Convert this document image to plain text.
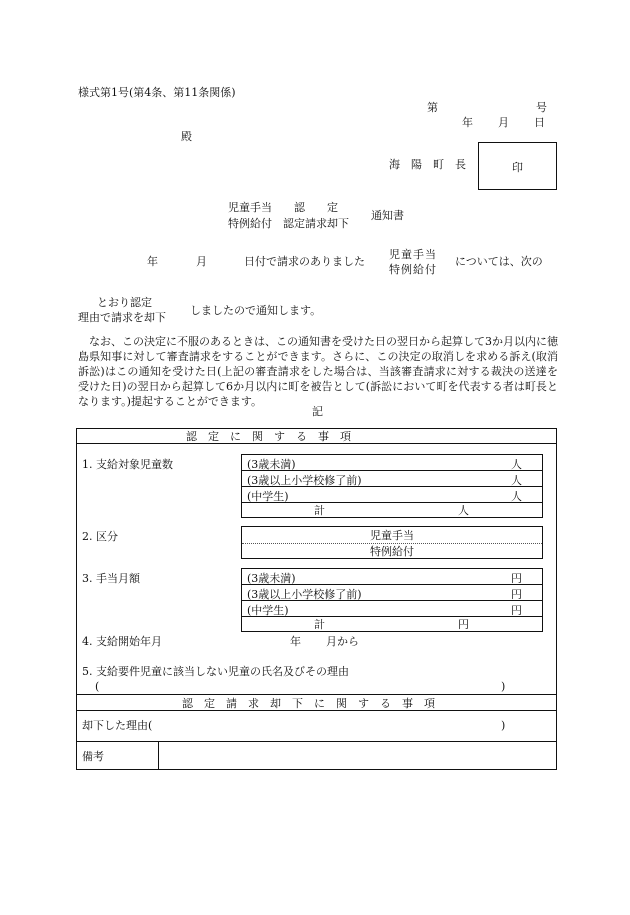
様式第1号(第4条、第11条関係)
第	号
年 月 日
殿
海　陽　町　長	印
児童手当　　認　　定
特例給付　認定請求却下
通知書
年	月	日付で請求のありました
児童手当
特例給付
については、次の
とおり認定
理由で請求を却下
しましたので通知します。

なお、この決定に不服のあるときは、この通知書を受けた日の翌日から起算して3か月以内に徳島県知事に対して審査請求をすることができます。さらに、この決定の取消しを求める訴え(取消訴訟)はこの通知を受けた日(上記の審査請求をした場合は、当該審査請求に対する裁決の送達を受けた日)の翌日から起算して6か月以内に町を被告として(訴訟において町を代表する者は町長となります。)提起することができます。

記
認　定　に　関　す　る　事　項
1. 支給対象児童数	(3歳未満)	人
(3歳以上小学校修了前)	人
(中学生)	人
計	人
2. 区分	児童手当
特例給付
3. 手当月額	(3歳未満)	円
(3歳以上小学校修了前)	円
(中学生)	円
計	円
4. 支給開始年月	年 月から
5. 支給要件児童に該当しない児童の氏名及びその理由
(	)
認　定　請　求　却　下　に　関　す　る　事　項
却下した理由(	)
備考
